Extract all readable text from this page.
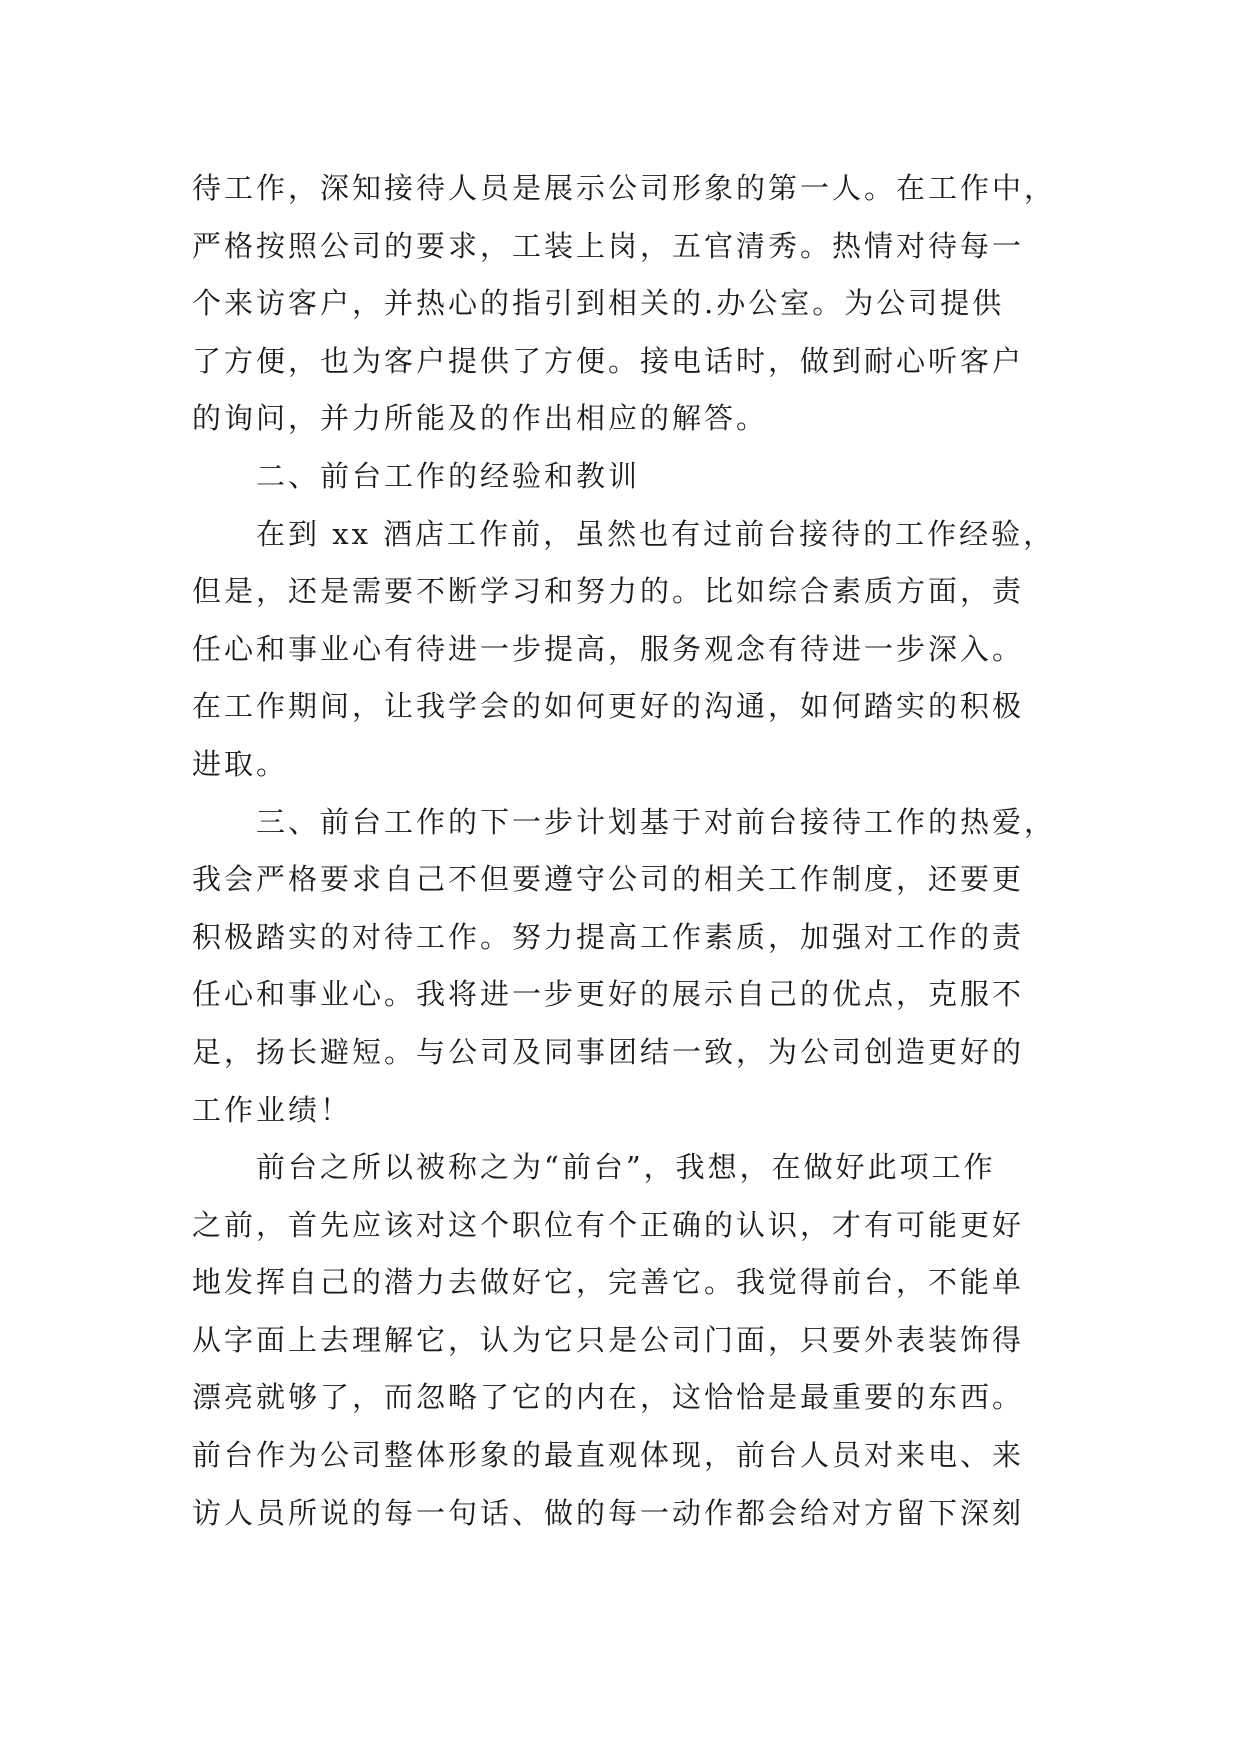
待工作，深知接待人员是展示公司形象的第一人。在工作中，
严格按照公司的要求，工装上岗，五官清秀。热情对待每一
个来访客户，并热心的指引到相关的.办公室。为公司提供
了方便，也为客户提供了方便。接电话时，做到耐心听客户
的询问，并力所能及的作出相应的解答。
二、前台工作的经验和教训
在到 xx 酒店工作前，虽然也有过前台接待的工作经验，
但是，还是需要不断学习和努力的。比如综合素质方面，责
任心和事业心有待进一步提高，服务观念有待进一步深入。
在工作期间，让我学会的如何更好的沟通，如何踏实的积极
进取。
三、前台工作的下一步计划基于对前台接待工作的热爱，
我会严格要求自己不但要遵守公司的相关工作制度，还要更
积极踏实的对待工作。努力提高工作素质，加强对工作的责
任心和事业心。我将进一步更好的展示自己的优点，克服不
足，扬长避短。与公司及同事团结一致，为公司创造更好的
工作业绩！
前台之所以被称之为“前台”，我想，在做好此项工作
之前，首先应该对这个职位有个正确的认识，才有可能更好
地发挥自己的潜力去做好它，完善它。我觉得前台，不能单
从字面上去理解它，认为它只是公司门面，只要外表装饰得
漂亮就够了，而忽略了它的内在，这恰恰是最重要的东西。
前台作为公司整体形象的最直观体现，前台人员对来电、来
访人员所说的每一句话、做的每一动作都会给对方留下深刻
